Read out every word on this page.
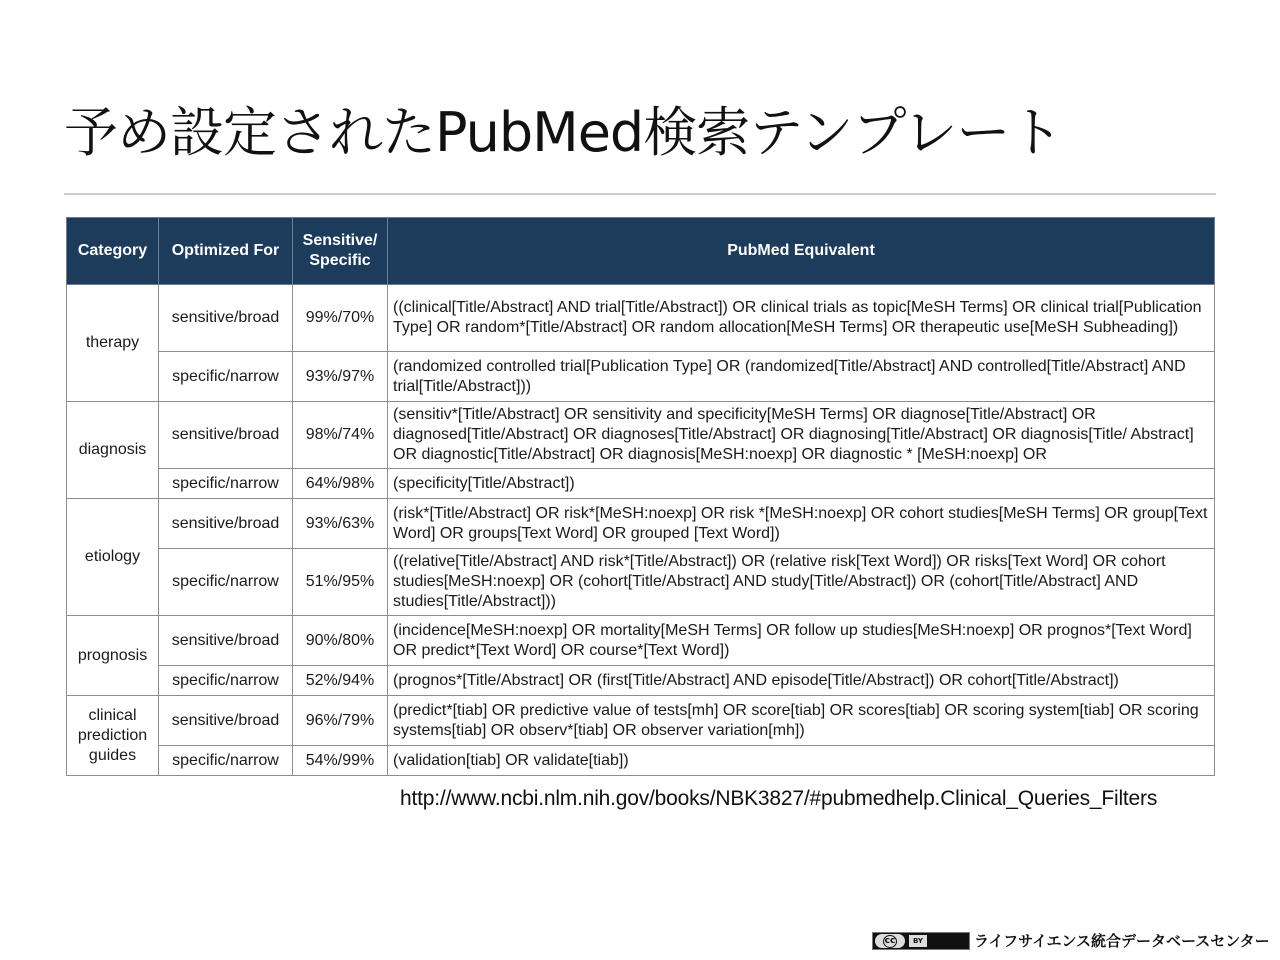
予め設定されたPubMed検索テンプレート
Category	Optimized For	Sensitive/ Specific	PubMed Equivalent
therapy	sensitive/broad	99%/70%	((clinical[Title/Abstract] AND trial[Title/Abstract]) OR clinical trials as topic[MeSH Terms] OR clinical trial[Publication Type] OR random*[Title/Abstract] OR random allocation[MeSH Terms] OR therapeutic use[MeSH Subheading])
	specific/narrow	93%/97%	(randomized controlled trial[Publication Type] OR (randomized[Title/Abstract] AND controlled[Title/Abstract] AND trial[Title/Abstract]))
diagnosis	sensitive/broad	98%/74%	(sensitiv*[Title/Abstract] OR sensitivity and specificity[MeSH Terms] OR diagnose[Title/Abstract] OR diagnosed[Title/Abstract] OR diagnoses[Title/Abstract] OR diagnosing[Title/Abstract] OR diagnosis[Title/ Abstract] OR diagnostic[Title/Abstract] OR diagnosis[MeSH:noexp] OR diagnostic * [MeSH:noexp] OR

	specific/narrow	64%/98%	(specificity[Title/Abstract])
etiology	sensitive/broad	93%/63%	(risk*[Title/Abstract] OR risk*[MeSH:noexp] OR risk *[MeSH:noexp] OR cohort studies[MeSH Terms] OR group[Text Word] OR groups[Text Word] OR grouped [Text Word])
	specific/narrow	51%/95%	((relative[Title/Abstract] AND risk*[Title/Abstract]) OR (relative risk[Text Word]) OR risks[Text Word] OR cohort studies[MeSH:noexp] OR (cohort[Title/Abstract] AND study[Title/Abstract]) OR (cohort[Title/Abstract] AND studies[Title/Abstract]))
prognosis	sensitive/broad	90%/80%	(incidence[MeSH:noexp] OR mortality[MeSH Terms] OR follow up studies[MeSH:noexp] OR prognos*[Text Word] OR predict*[Text Word] OR course*[Text Word])
	specific/narrow	52%/94%	(prognos*[Title/Abstract] OR (first[Title/Abstract] AND episode[Title/Abstract]) OR cohort[Title/Abstract])
clinical prediction guides	sensitive/broad	96%/79%	(predict*[tiab] OR predictive value of tests[mh] OR score[tiab] OR scores[tiab] OR scoring system[tiab] OR scoring systems[tiab] OR observ*[tiab] OR observer variation[mh])
	specific/narrow	54%/99%	(validation[tiab] OR validate[tiab])
http://www.ncbi.nlm.nih.gov/books/NBK3827/#pubmedhelp.Clinical_Queries_Filters
cc	BY	ライフサイエンス統合データベースセンター
